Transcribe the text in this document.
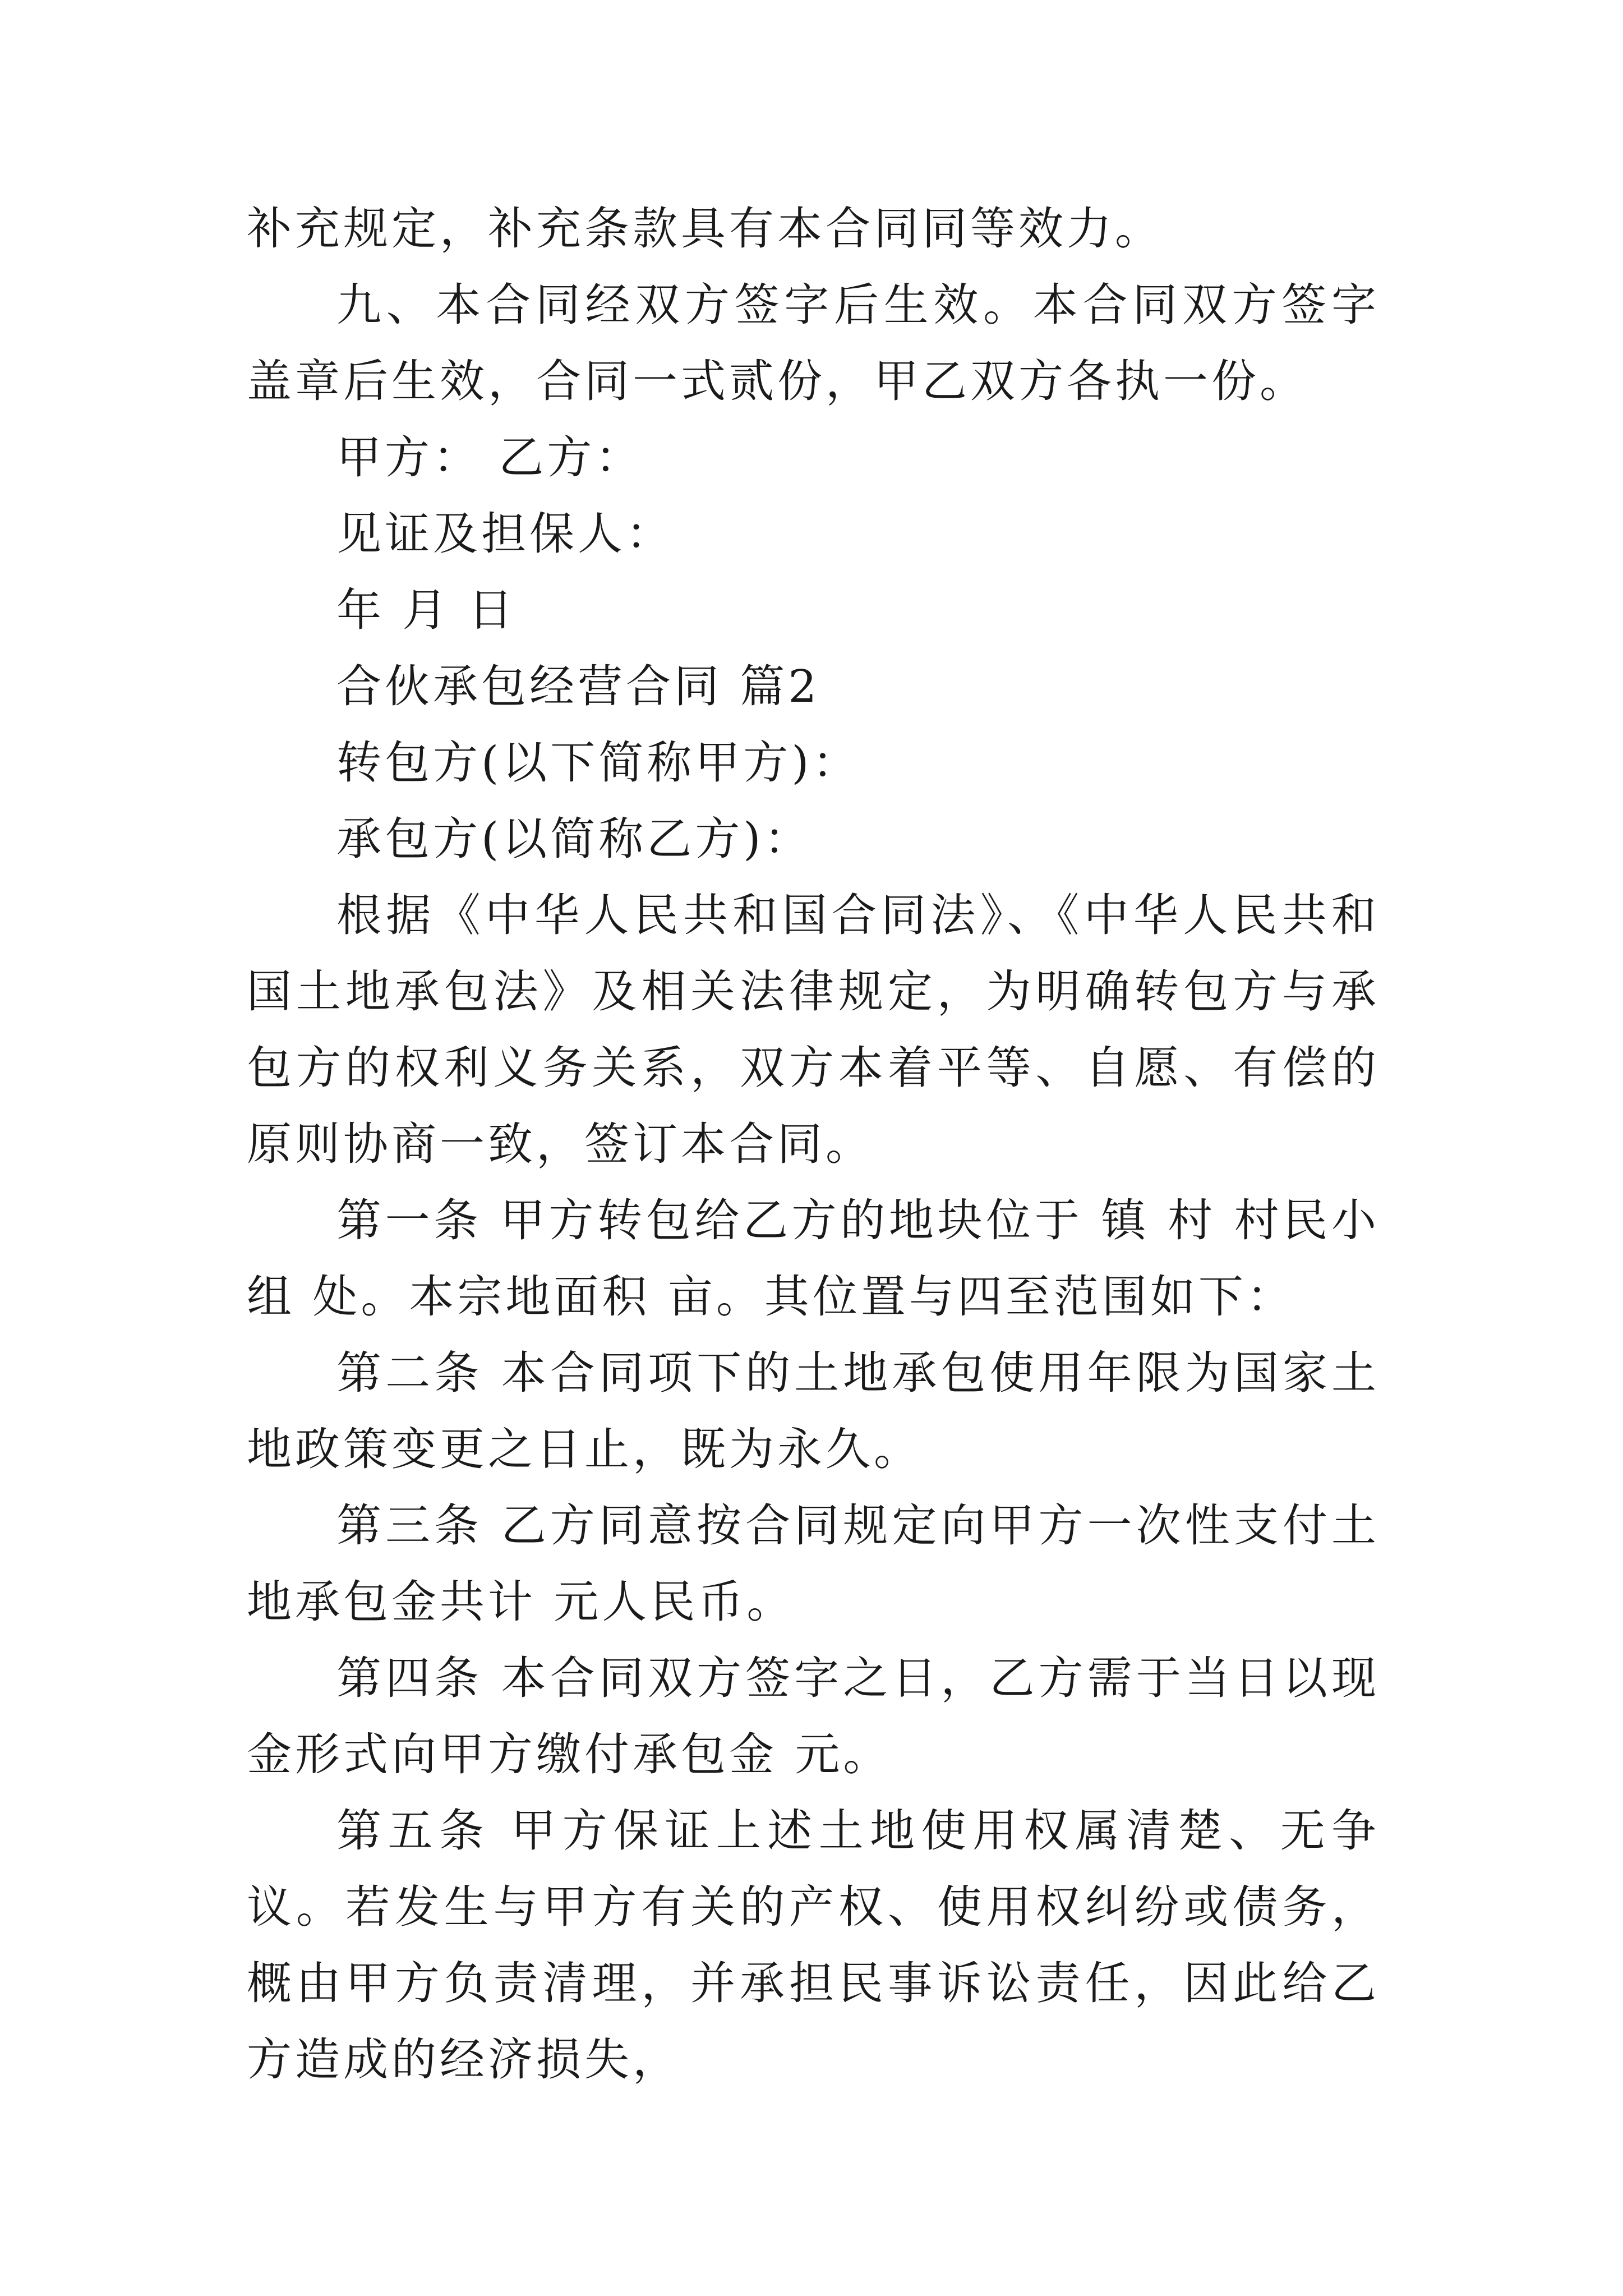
补充规定，补充条款具有本合同同等效力。

九、本合同经双方签字后生效。本合同双方签字盖章后生效，合同一式贰份，甲乙双方各执一份。

甲方： 乙方：

见证及担保人：

年 月 日

合伙承包经营合同 篇2

转包方(以下简称甲方)：

承包方(以简称乙方)：

根据《中华人民共和国合同法》、《中华人民共和国土地承包法》及相关法律规定，为明确转包方与承包方的权利义务关系，双方本着平等、自愿、有偿的原则协商一致，签订本合同。

第一条 甲方转包给乙方的地块位于 镇 村 村民小组 处。本宗地面积 亩。其位置与四至范围如下：

第二条 本合同项下的土地承包使用年限为国家土地政策变更之日止，既为永久。

第三条 乙方同意按合同规定向甲方一次性支付土地承包金共计 元人民币。

第四条 本合同双方签字之日，乙方需于当日以现金形式向甲方缴付承包金 元。

第五条 甲方保证上述土地使用权属清楚、无争议。若发生与甲方有关的产权、使用权纠纷或债务，概由甲方负责清理，并承担民事诉讼责任，因此给乙方造成的经济损失，
